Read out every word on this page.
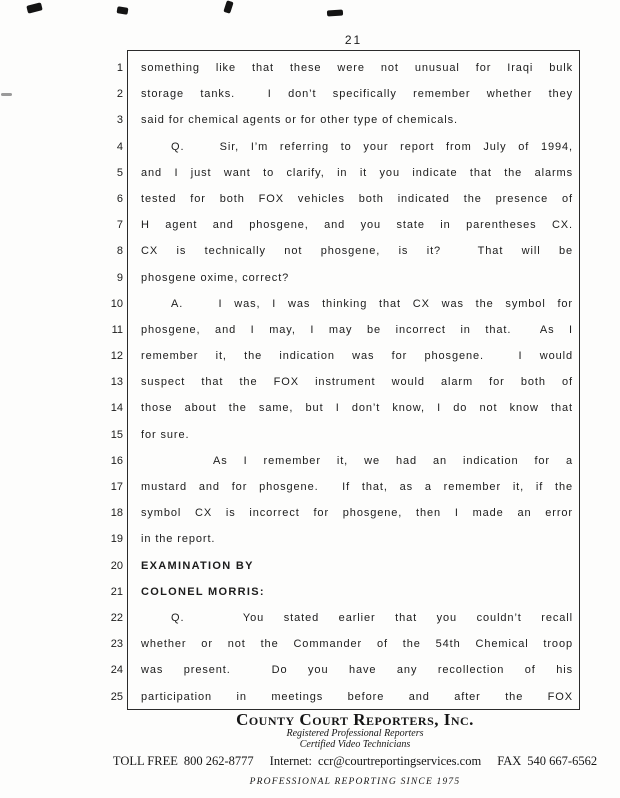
21
1 something like that these were not unusual for Iraqi bulk
2 storage tanks.  I don’t specifically remember whether they
3 said for chemical agents or for other type of chemicals.
4	Q.   Sir, I’m referring to your report from July of 1994,
5 and I just want to clarify, in it you indicate that the alarms
6 tested for both FOX vehicles both indicated the presence of
7 H agent and phosgene, and you state in parentheses CX.
8 CX is technically not phosgene, is it?  That will be
9 phosgene oxime, correct?
10	A.   I was, I was thinking that CX was the symbol for
11 phosgene, and I may, I may be incorrect in that.  As I
12 remember it, the indication was for phosgene.  I would
13 suspect that the FOX instrument would alarm for both of
14 those about the same, but I don’t know, I do not know that
15 for sure.
16	As I remember it, we had an indication for a
17 mustard and for phosgene.  If that, as a remember it, if the
18 symbol CX is incorrect for phosgene, then I made an error
19 in the report.
20 EXAMINATION BY
21 COLONEL MORRIS:
22	Q.   You stated earlier that you couldn’t recall
23 whether or not the Commander of the 54th Chemical troop
24 was present.  Do you have any recollection of his
25 participation in meetings before and after the FOX
County Court Reporters, Inc.
Registered Professional Reporters
Certified Video Technicians
TOLL FREE 800 262-8777 Internet: ccr@courtreportingservices.com FAX 540 667-6562
PROFESSIONAL REPORTING SINCE 1975
